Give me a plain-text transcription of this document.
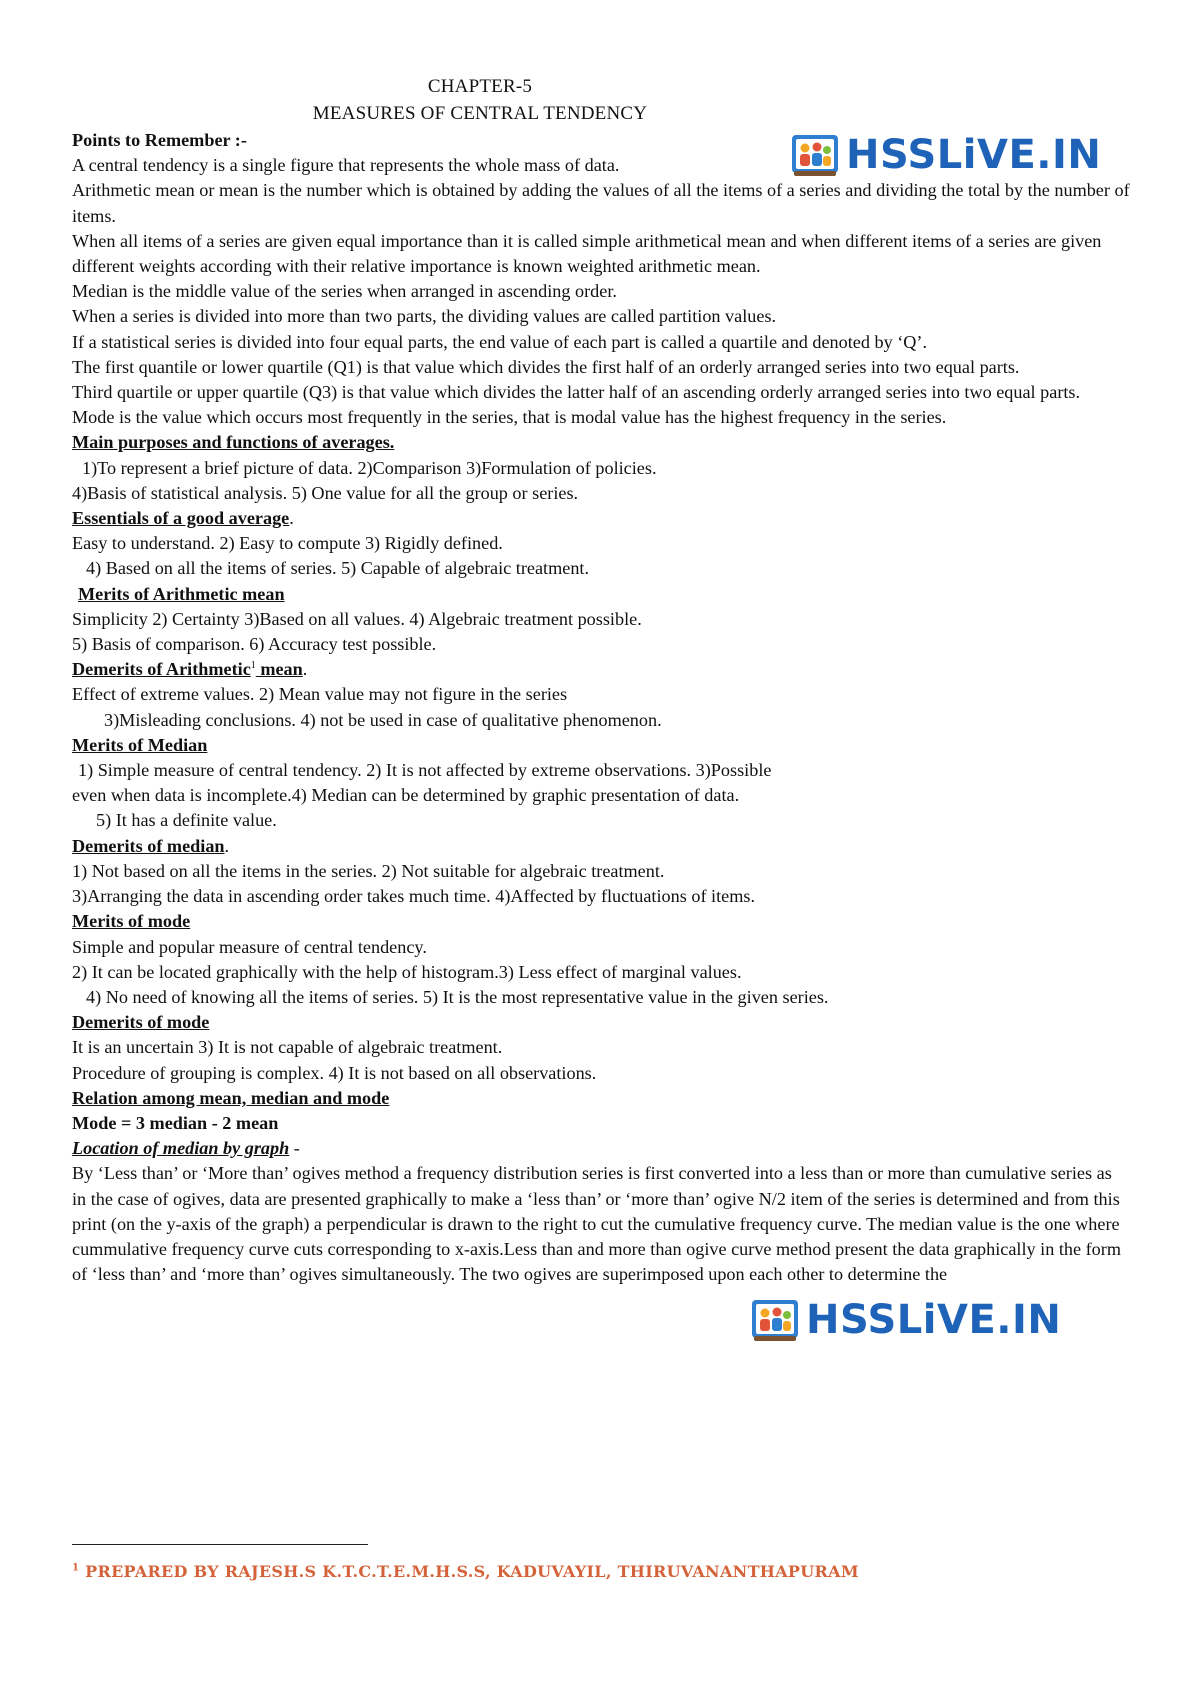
CHAPTER-5
MEASURES OF CENTRAL TENDENCY
HSSLiVE.IN

Points to Remember :-

A central tendency is a single figure that represents the whole mass of data.

Arithmetic mean or mean is the number which is obtained by adding the values of all the items of a series and dividing the total by the number of items.

When all items of a series are given equal importance than it is called simple arithmetical mean and when different items of a series are given different weights according with their relative importance is known weighted arithmetic mean.

Median is the middle value of the series when arranged in ascending order.

When a series is divided into more than two parts, the dividing values are called partition values.

If a statistical series is divided into four equal parts, the end value of each part is called a quartile and denoted by ‘Q’.

The first quantile or lower quartile (Q1) is that value which divides the first half of an orderly arranged series into two equal parts.

Third quartile or upper quartile (Q3) is that value which divides the latter half of an ascending orderly arranged series into two equal parts.

Mode is the value which occurs most frequently in the series, that is modal value has the highest frequency in the series.

Main purposes and functions of averages.

1)To represent a brief picture of data. 2)Comparison 3)Formulation of policies.

4)Basis of statistical analysis. 5) One value for all the group or series.

Essentials of a good average.

Easy to understand. 2) Easy to compute 3) Rigidly defined.

4) Based on all the items of series. 5) Capable of algebraic treatment.

Merits of Arithmetic mean

Simplicity 2) Certainty 3)Based on all values. 4) Algebraic treatment possible.

5) Basis of comparison. 6) Accuracy test possible.

Demerits of Arithmetic$^1$ mean.

Effect of extreme values. 2) Mean value may not figure in the series

3)Misleading conclusions. 4) not be used in case of qualitative phenomenon.

Merits of Median

1) Simple measure of central tendency. 2) It is not affected by extreme observations. 3)Possible

even when data is incomplete.4) Median can be determined by graphic presentation of data.

5) It has a definite value.

Demerits of median.

1) Not based on all the items in the series. 2) Not suitable for algebraic treatment.

3)Arranging the data in ascending order takes much time. 4)Affected by fluctuations of items.

Merits of mode

Simple and popular measure of central tendency.

2) It can be located graphically with the help of histogram.3) Less effect of marginal values.

4) No need of knowing all the items of series. 5) It is the most representative value in the given series.

Demerits of mode

It is an uncertain 3) It is not capable of algebraic treatment.

Procedure of grouping is complex. 4) It is not based on all observations.

Relation among mean, median and mode

Mode = 3 median - 2 mean

Location of median by graph -

By ‘Less than’ or ‘More than’ ogives method a frequency distribution series is first converted into a less than or more than cumulative series as in the case of ogives, data are presented graphically to make a ‘less than’ or ‘more than’ ogive N/2 item of the series is determined and from this print (on the y-axis of the graph) a perpendicular is drawn to the right to cut the cumulative frequency curve. The median value is the one where cummulative frequency curve cuts corresponding to x-axis.Less than and more than ogive curve method present the data graphically in the form of ‘less than’ and ‘more than’ ogives simultaneously. The two ogives are superimposed upon each other to determine the

HSSLiVE.IN
$^1$ PREPARED BY RAJESH.S K.T.C.T.E.M.H.S.S, KADUVAYIL, THIRUVANANTHAPURAM
